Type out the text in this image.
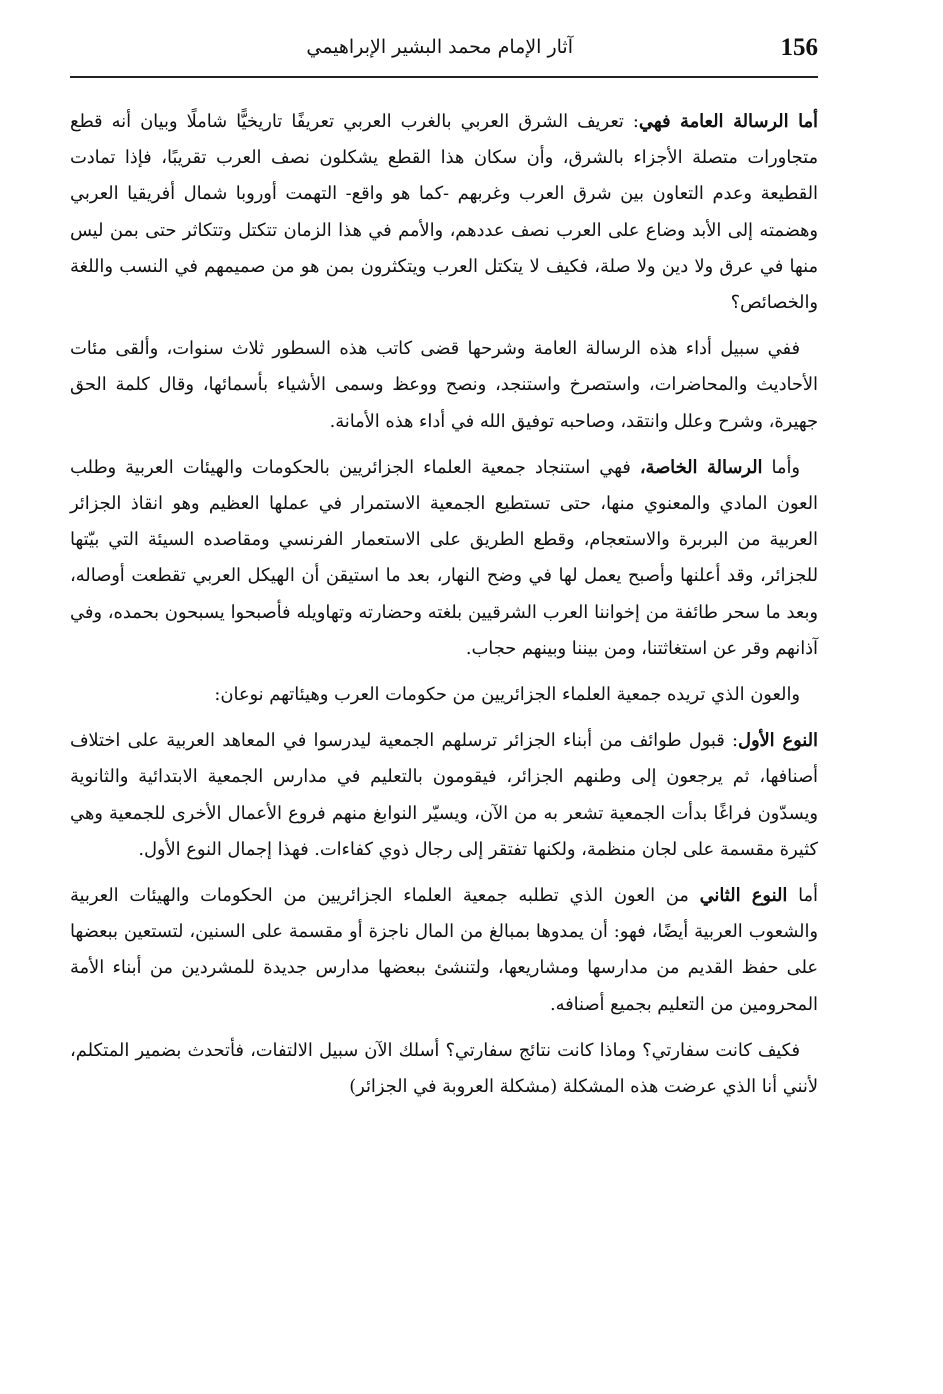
156
آثار الإمام محمد البشير الإبراهيمي

أما الرسالة العامة فهي: تعريف الشرق العربي بالغرب العربي تعريفًا تاريخيًّا شاملًا وبيان أنه قطع متجاورات متصلة الأجزاء بالشرق، وأن سكان هذا القطع يشكلون نصف العرب تقريبًا، فإذا تمادت القطيعة وعدم التعاون بين شرق العرب وغربهم -كما هو واقع- التهمت أوروبا شمال أفريقيا العربي وهضمته إلى الأبد وضاع على العرب نصف عددهم، والأمم في هذا الزمان تتكتل وتتكاثر حتى بمن ليس منها في عرق ولا دين ولا صلة، فكيف لا يتكتل العرب ويتكثرون بمن هو من صميمهم في النسب واللغة والخصائص؟

ففي سبيل أداء هذه الرسالة العامة وشرحها قضى كاتب هذه السطور ثلاث سنوات، وألقى مئات الأحاديث والمحاضرات، واستصرخ واستنجد، ونصح ووعظ وسمى الأشياء بأسمائها، وقال كلمة الحق جهيرة، وشرح وعلل وانتقد، وصاحبه توفيق الله في أداء هذه الأمانة.

وأما الرسالة الخاصة، فهي استنجاد جمعية العلماء الجزائريين بالحكومات والهيئات العربية وطلب العون المادي والمعنوي منها، حتى تستطيع الجمعية الاستمرار في عملها العظيم وهو انقاذ الجزائر العربية من البربرة والاستعجام، وقطع الطريق على الاستعمار الفرنسي ومقاصده السيئة التي بيّتها للجزائر، وقد أعلنها وأصبح يعمل لها في وضح النهار، بعد ما استيقن أن الهيكل العربي تقطعت أوصاله، وبعد ما سحر طائفة من إخواننا العرب الشرقيين بلغته وحضارته وتهاويله فأصبحوا يسبحون بحمده، وفي آذانهم وقر عن استغاثتنا، ومن بيننا وبينهم حجاب.

والعون الذي تريده جمعية العلماء الجزائريين من حكومات العرب وهيئاتهم نوعان:

النوع الأول: قبول طوائف من أبناء الجزائر ترسلهم الجمعية ليدرسوا في المعاهد العربية على اختلاف أصنافها، ثم يرجعون إلى وطنهم الجزائر، فيقومون بالتعليم في مدارس الجمعية الابتدائية والثانوية ويسدّون فراغًا بدأت الجمعية تشعر به من الآن، ويسيّر النوابغ منهم فروع الأعمال الأخرى للجمعية وهي كثيرة مقسمة على لجان منظمة، ولكنها تفتقر إلى رجال ذوي كفاءات. فهذا إجمال النوع الأول.

أما النوع الثاني من العون الذي تطلبه جمعية العلماء الجزائريين من الحكومات والهيئات العربية والشعوب العربية أيضًا، فهو: أن يمدوها بمبالغ من المال ناجزة أو مقسمة على السنين، لتستعين ببعضها على حفظ القديم من مدارسها ومشاريعها، ولتنشئ ببعضها مدارس جديدة للمشردين من أبناء الأمة المحرومين من التعليم بجميع أصنافه.

فكيف كانت سفارتي؟ وماذا كانت نتائج سفارتي؟ أسلك الآن سبيل الالتفات، فأتحدث بضمير المتكلم، لأنني أنا الذي عرضت هذه المشكلة (مشكلة العروبة في الجزائر)
